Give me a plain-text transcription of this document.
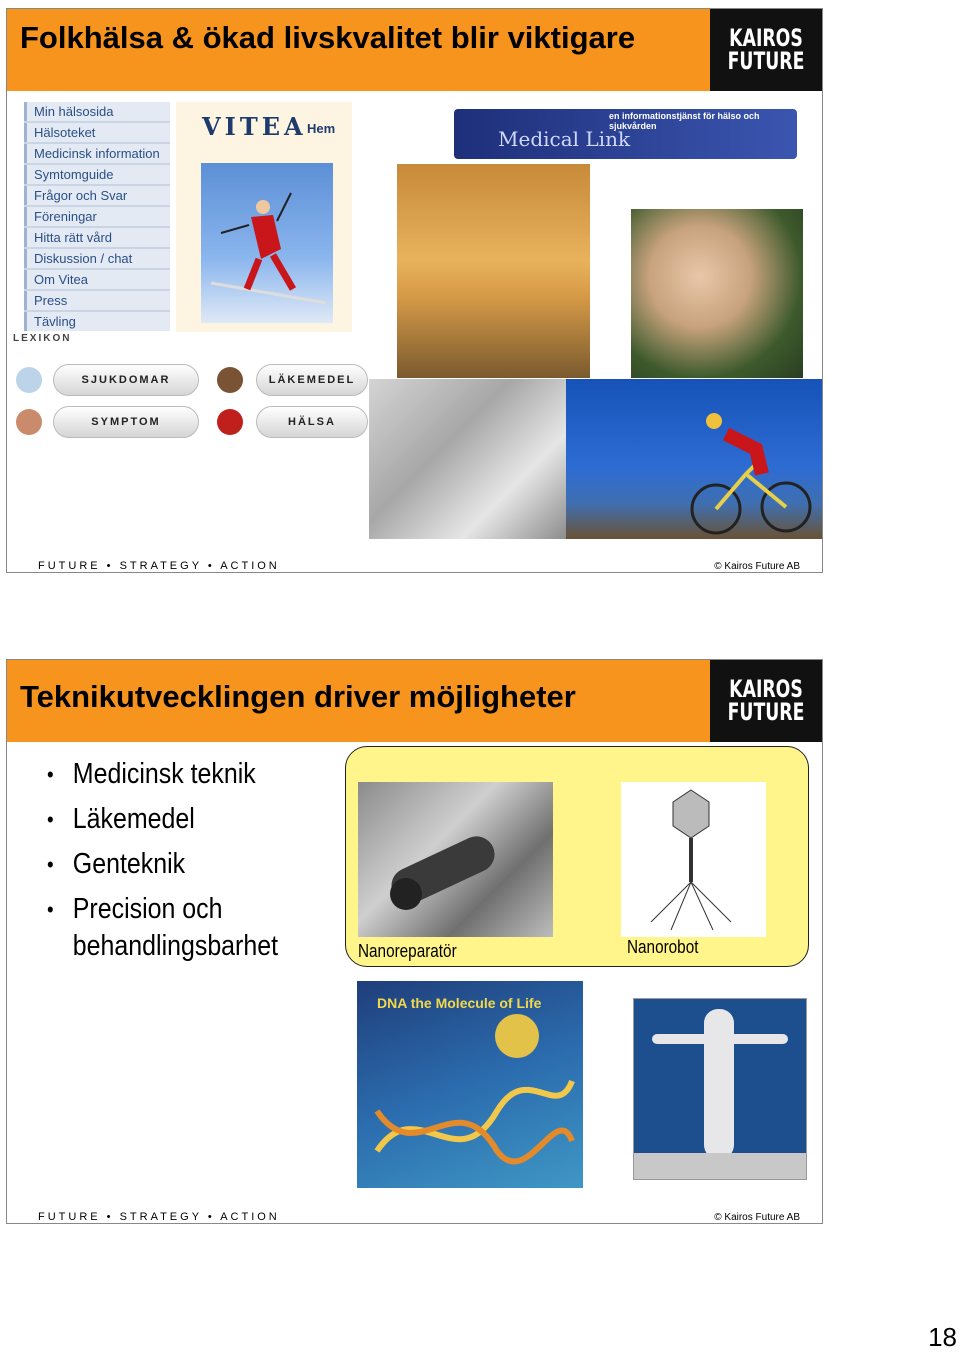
Folkhälsa & ökad livskvalitet blir viktigare	KAIROS
FUTURE
Min hälsosida
Hälsoteket
Medicinsk information
Symtomguide
Frågor och Svar
Föreningar
Hitta rätt vård
Diskussion / chat
Om Vitea
Press
Tävling
VITEA Hem
LEXIKON
SJUKDOMAR	LÄKEMEDEL
SYMPTOM	HÄLSA
Medical Link
en informationstjänst för hälso och sjukvården
FUTURE • STRATEGY • ACTION	© Kairos Future AB
Teknikutvecklingen driver möjligheter	KAIROS
FUTURE
• Medicinsk teknik
• Läkemedel
• Genteknik
• Precision och behandlingsbarhet	Nanoreparatör	Nanorobot
DNA the Molecule of Life
FUTURE • STRATEGY • ACTION	© Kairos Future AB
18
